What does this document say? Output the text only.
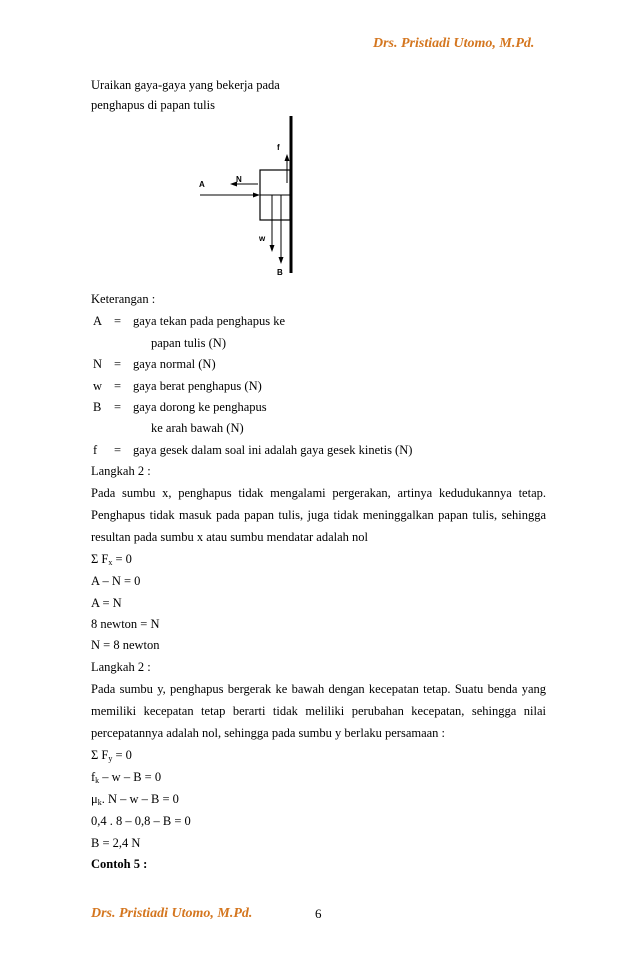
Drs. Pristiadi Utomo, M.Pd.
Uraikan gaya-gaya yang bekerja pada
penghapus di papan tulis
f
A
N
w
B
Keterangan :
A = gaya tekan pada penghapus ke
papan tulis (N)
N = gaya normal (N)
w = gaya berat penghapus (N)
B = gaya dorong ke penghapus
ke arah bawah (N)
f = gaya gesek dalam soal ini adalah gaya gesek kinetis (N)
Langkah 2 :
Pada sumbu x, penghapus tidak mengalami pergerakan, artinya kedudukannya tetap.
Penghapus tidak masuk pada papan tulis, juga tidak meninggalkan papan tulis, sehingga
resultan pada sumbu x atau sumbu mendatar adalah nol
Σ $F_x = 0$
A – N = 0
A = N
8 newton = N
N = 8 newton
Langkah 2 :
Pada sumbu y, penghapus bergerak ke bawah dengan kecepatan tetap. Suatu benda yang
memiliki kecepatan tetap berarti tidak meliliki perubahan kecepatan, sehingga nilai
percepatannya adalah nol, sehingga pada sumbu y berlaku persamaan :
Σ $F_y = 0$
$f_k - w - B = 0$
$\mu_k$. N – w – B = 0
0,4 . 8 – 0,8 – B = 0
B = 2,4 N
Contoh 5 :
Drs. Pristiadi Utomo, M.Pd.	6
